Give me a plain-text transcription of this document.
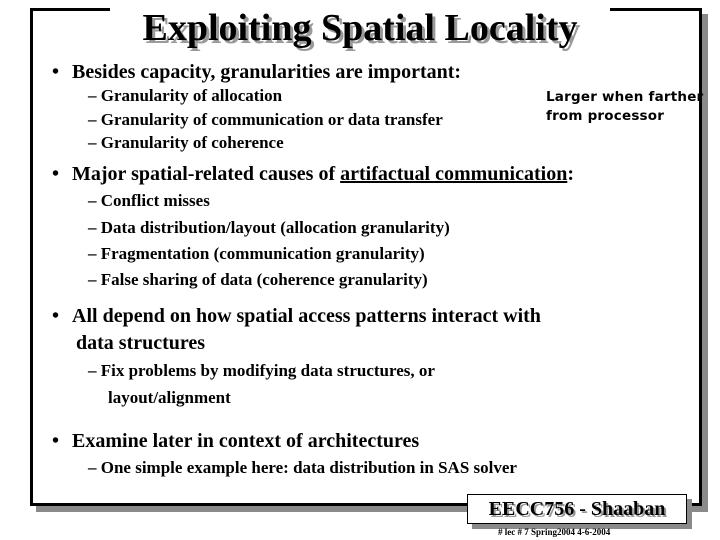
Exploiting Spatial Locality
• Besides capacity, granularities are important:
– Granularity of allocation
– Granularity of communication or data transfer
– Granularity of coherence
Larger when farther
from processor
• Major spatial-related causes of artifactual communication:
– Conflict misses
– Data distribution/layout (allocation granularity)
– Fragmentation (communication granularity)
– False sharing of data (coherence granularity)
• All depend on how spatial access patterns interact with
data structures
– Fix problems by modifying data structures, or
layout/alignment
• Examine later in context of architectures
– One simple example here: data distribution in SAS solver
EECC756 - Shaaban
# lec # 7 Spring2004 4-6-2004
